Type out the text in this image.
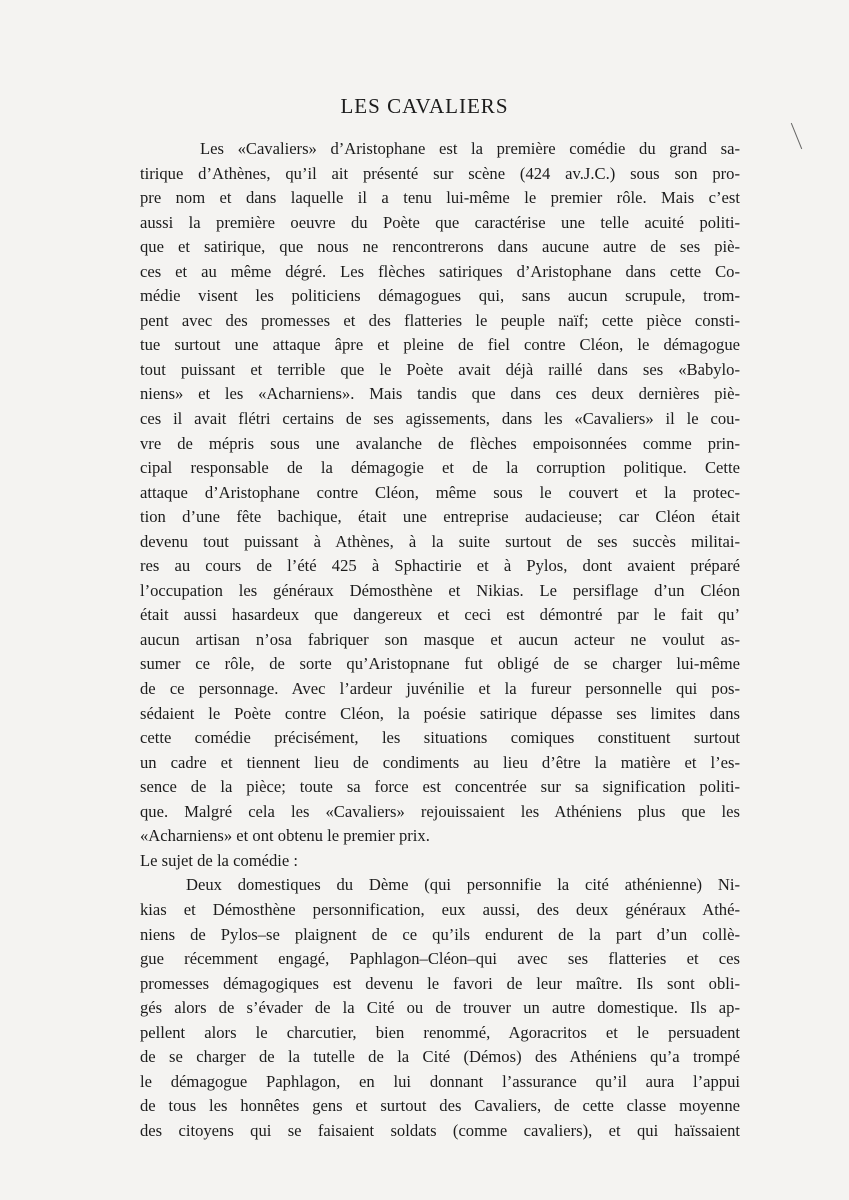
LES CAVALIERS
Les «Cavaliers» d’Aristophane est la première comédie du grand sa-
tirique d’Athènes, qu’il ait présenté sur scène (424 av.J.C.) sous son pro-
pre nom et dans laquelle il a tenu lui-même le premier rôle. Mais c’est
aussi la première oeuvre du Poète que caractérise une telle acuité politi-
que et satirique, que nous ne rencontrerons dans aucune autre de ses piè-
ces et au même dégré. Les flèches satiriques d’Aristophane dans cette Co-
médie visent les politiciens démagogues qui, sans aucun scrupule, trom-
pent avec des promesses et des flatteries le peuple naïf; cette pièce consti-
tue surtout une attaque âpre et pleine de fiel contre Cléon, le démagogue
tout puissant et terrible que le Poète avait déjà raillé dans ses «Babylo-
niens» et les «Acharniens». Mais tandis que dans ces deux dernières piè-
ces il avait flétri certains de ses agissements, dans les «Cavaliers» il le cou-
vre de mépris sous une avalanche de flèches empoisonnées comme prin-
cipal responsable de la démagogie et de la corruption politique. Cette
attaque d’Aristophane contre Cléon, même sous le couvert et la protec-
tion d’une fête bachique, était une entreprise audacieuse; car Cléon était
devenu tout puissant à Athènes, à la suite surtout de ses succès militai-
res au cours de l’été 425 à Sphactirie et à Pylos, dont avaient préparé
l’occupation les généraux Démosthène et Nikias. Le persiflage d’un Cléon
était aussi hasardeux que dangereux et ceci est démontré par le fait qu’
aucun artisan n’osa fabriquer son masque et aucun acteur ne voulut as-
sumer ce rôle, de sorte qu’Aristopnane fut obligé de se charger lui-même
de ce personnage. Avec l’ardeur juvénilie et la fureur personnelle qui pos-
sédaient le Poète contre Cléon, la poésie satirique dépasse ses limites dans
cette comédie précisément, les situations comiques constituent surtout
un cadre et tiennent lieu de condiments au lieu d’être la matière et l’es-
sence de la pièce; toute sa force est concentrée sur sa signification politi-
que. Malgré cela les «Cavaliers» rejouissaient les Athéniens plus que les
«Acharniens» et ont obtenu le premier prix.
Le sujet de la comédie :
Deux domestiques du Dème (qui personnifie la cité athénienne) Ni-
kias et Démosthène personnification, eux aussi, des deux généraux Athé-
niens de Pylos–se plaignent de ce qu’ils endurent de la part d’un collè-
gue récemment engagé, Paphlagon–Cléon–qui avec ses flatteries et ces
promesses démagogiques est devenu le favori de leur maître. Ils sont obli-
gés alors de s’évader de la Cité ou de trouver un autre domestique. Ils ap-
pellent alors le charcutier, bien renommé, Agoracritos et le persuadent
de se charger de la tutelle de la Cité (Démos) des Athéniens qu’a trompé
le démagogue Paphlagon, en lui donnant l’assurance qu’il aura l’appui
de tous les honnêtes gens et surtout des Cavaliers, de cette classe moyenne
des citoyens qui se faisaient soldats (comme cavaliers), et qui haïssaient
